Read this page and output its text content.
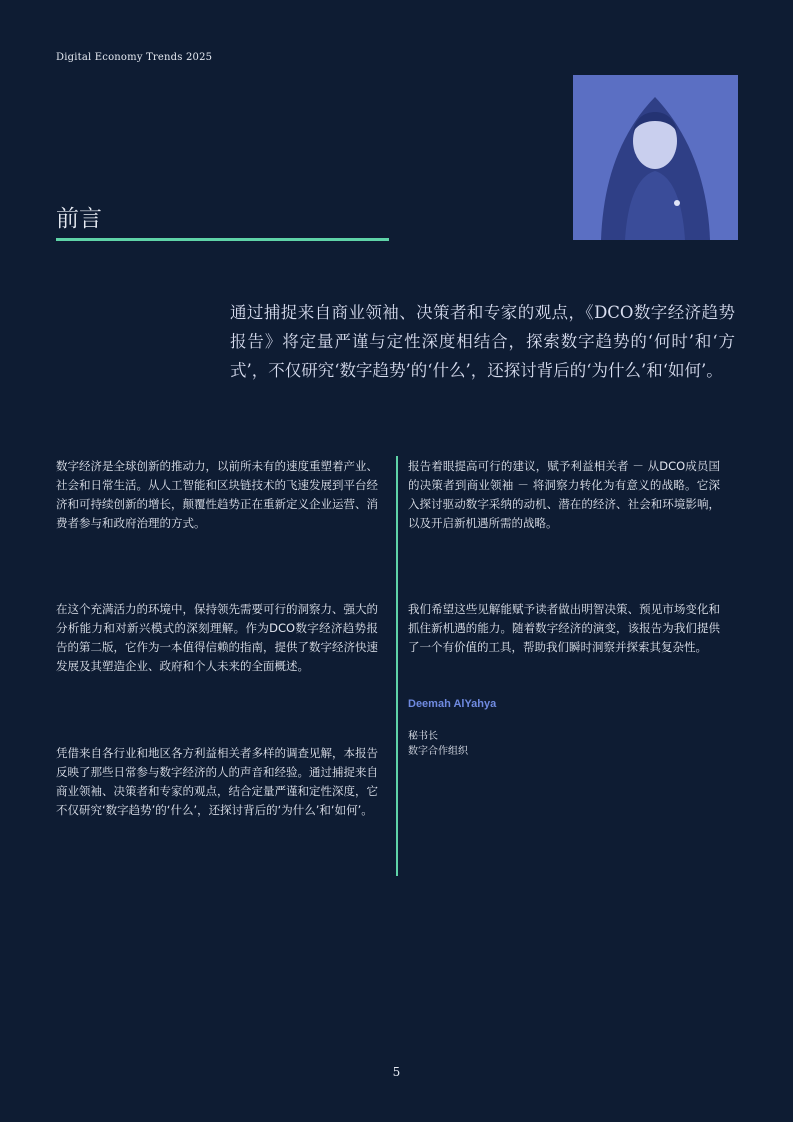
Digital Economy Trends 2025
前言

通过捕捉来自商业领袖、决策者和专家的观点，《DCO数字经济趋势报告》将定量严谨与定性深度相结合，探索数字趋势的‘何时’和‘方式’，不仅研究‘数字趋势’的‘什么’，还探讨背后的‘为什么’和‘如何’。

数字经济是全球创新的推动力，以前所未有的速度重塑着产业、社会和日常生活。从人工智能和区块链技术的飞速发展到平台经济和可持续创新的增长，颠覆性趋势正在重新定义企业运营、消费者参与和政府治理的方式。

在这个充满活力的环境中，保持领先需要可行的洞察力、强大的分析能力和对新兴模式的深刻理解。作为DCO数字经济趋势报告的第二版，它作为一本值得信赖的指南，提供了数字经济快速发展及其塑造企业、政府和个人未来的全面概述。

凭借来自各行业和地区各方利益相关者多样的调查见解，本报告反映了那些日常参与数字经济的人的声音和经验。通过捕捉来自商业领袖、决策者和专家的观点，结合定量严谨和定性深度，它不仅研究‘数字趋势’的‘什么’，还探讨背后的‘为什么’和‘如何’。

报告着眼提高可行的建议，赋予利益相关者 － 从DCO成员国的决策者到商业领袖 － 将洞察力转化为有意义的战略。它深入探讨驱动数字采纳的动机、潜在的经济、社会和环境影响，以及开启新机遇所需的战略。

我们希望这些见解能赋予读者做出明智决策、预见市场变化和抓住新机遇的能力。随着数字经济的演变，该报告为我们提供了一个有价值的工具，帮助我们瞬时洞察并探索其复杂性。

Deemah AlYahya
秘书长
数字合作组织
5
